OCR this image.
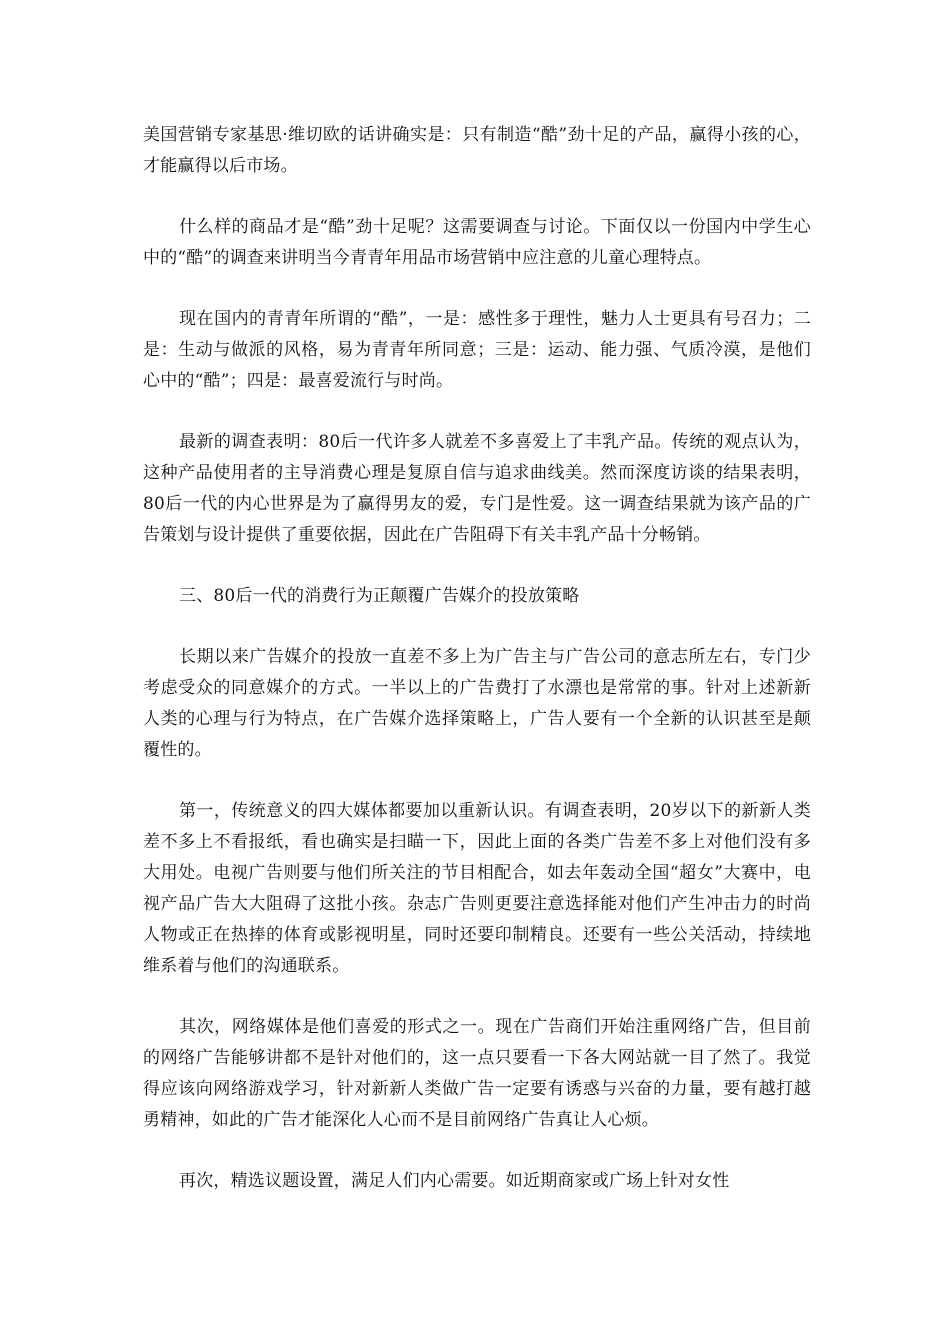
美国营销专家基思·维切欧的话讲确实是：只有制造“酷”劲十足的产品，赢得小孩的心，才能赢得以后市场。

什么样的商品才是“酷”劲十足呢？这需要调查与讨论。下面仅以一份国内中学生心中的“酷”的调查来讲明当今青青年用品市场营销中应注意的儿童心理特点。

现在国内的青青年所谓的“酷”，一是：感性多于理性，魅力人士更具有号召力；二是：生动与做派的风格，易为青青年所同意；三是：运动、能力强、气质冷漠，是他们心中的“酷”；四是：最喜爱流行与时尚。

最新的调查表明：80后一代许多人就差不多喜爱上了丰乳产品。传统的观点认为，这种产品使用者的主导消费心理是复原自信与追求曲线美。然而深度访谈的结果表明，80后一代的内心世界是为了赢得男友的爱，专门是性爱。这一调查结果就为该产品的广告策划与设计提供了重要依据，因此在广告阻碍下有关丰乳产品十分畅销。

三、80后一代的消费行为正颠覆广告媒介的投放策略

长期以来广告媒介的投放一直差不多上为广告主与广告公司的意志所左右，专门少考虑受众的同意媒介的方式。一半以上的广告费打了水漂也是常常的事。针对上述新新人类的心理与行为特点，在广告媒介选择策略上，广告人要有一个全新的认识甚至是颠覆性的。

第一，传统意义的四大媒体都要加以重新认识。有调查表明，20岁以下的新新人类差不多上不看报纸，看也确实是扫瞄一下，因此上面的各类广告差不多上对他们没有多大用处。电视广告则要与他们所关注的节目相配合，如去年轰动全国“超女”大赛中，电视产品广告大大阻碍了这批小孩。杂志广告则更要注意选择能对他们产生冲击力的时尚人物或正在热捧的体育或影视明星，同时还要印制精良。还要有一些公关活动，持续地维系着与他们的沟通联系。

其次，网络媒体是他们喜爱的形式之一。现在广告商们开始注重网络广告，但目前的网络广告能够讲都不是针对他们的，这一点只要看一下各大网站就一目了然了。我觉得应该向网络游戏学习，针对新新人类做广告一定要有诱惑与兴奋的力量，要有越打越勇精神，如此的广告才能深化人心而不是目前网络广告真让人心烦。

再次，精选议题设置，满足人们内心需要。如近期商家或广场上针对女性
